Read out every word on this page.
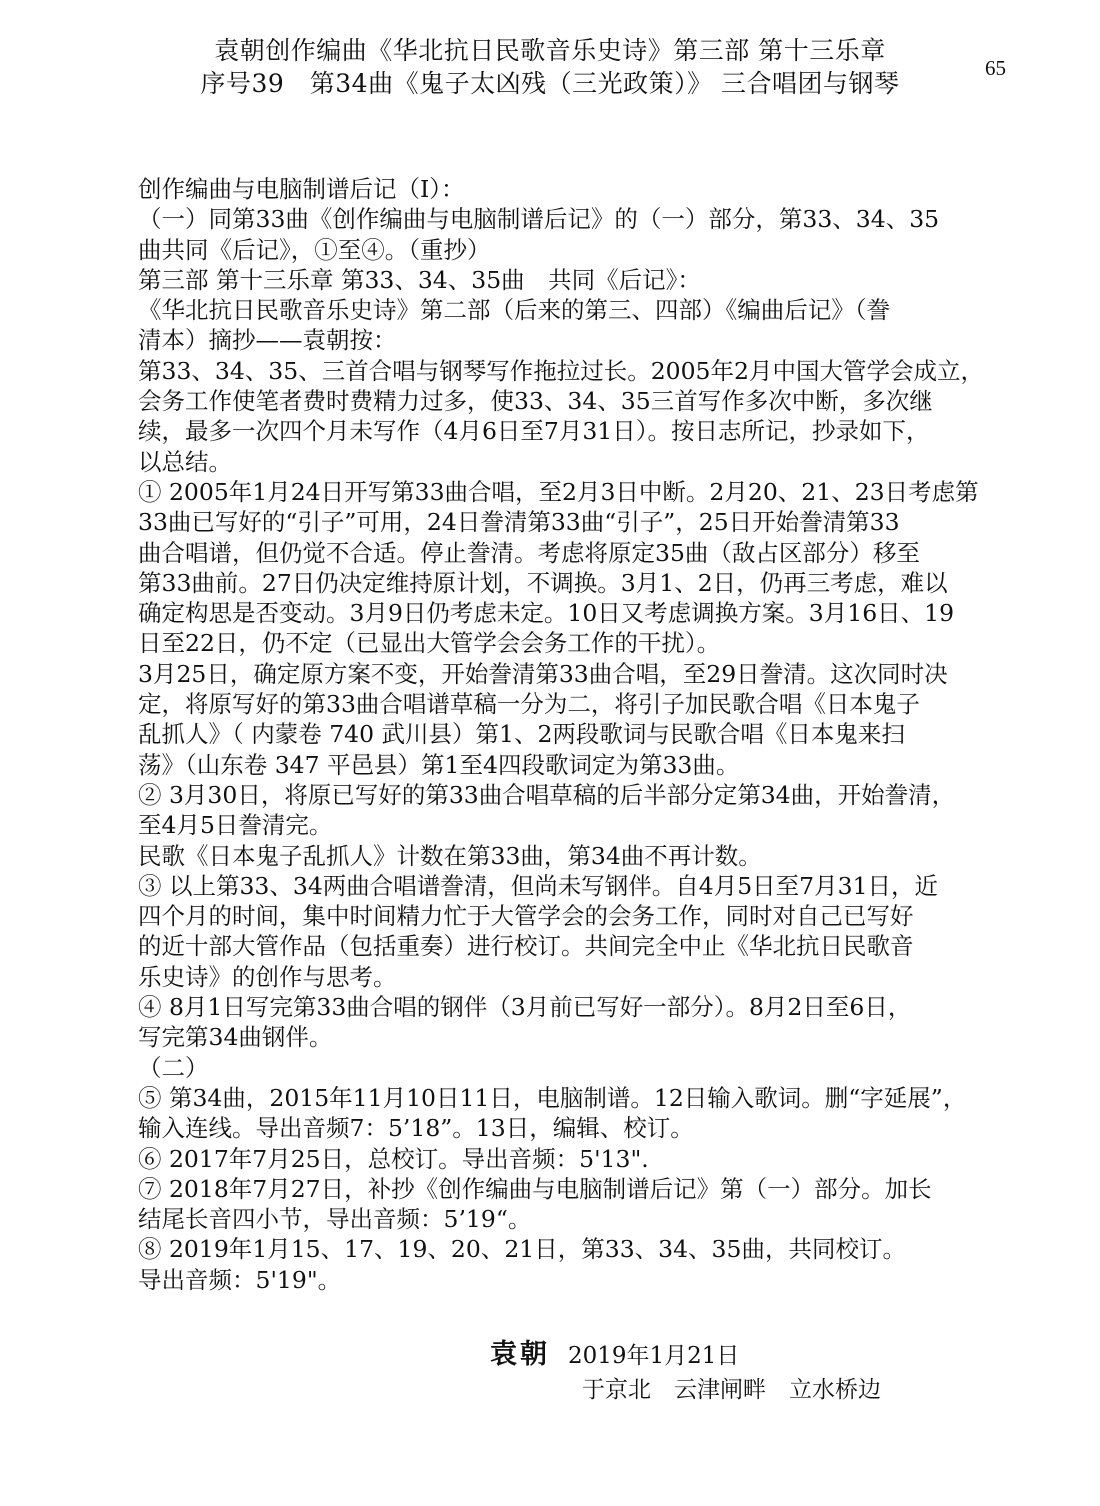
袁朝创作编曲《华北抗日民歌音乐史诗》第三部 第十三乐章
序号39　第34曲《鬼子太凶残（三光政策）》 三合唱团与钢琴
65
创作编曲与电脑制谱后记（Ⅰ）：
（一）同第33曲《创作编曲与电脑制谱后记》的（一）部分，第33、34、35
曲共同《后记》，①至④。（重抄）
第三部 第十三乐章 第33、34、35曲　共同《后记》：
《华北抗日民歌音乐史诗》第二部（后来的第三、四部）《编曲后记》（誊
清本）摘抄——袁朝按：
第33、34、35、三首合唱与钢琴写作拖拉过长。2005年2月中国大管学会成立，
会务工作使笔者费时费精力过多，使33、34、35三首写作多次中断，多次继
续，最多一次四个月未写作（4月6日至7月31日）。按日志所记，抄录如下，
以总结。
① 2005年1月24日开写第33曲合唱，至2月3日中断。2月20、21、23日考虑第
33曲已写好的“引子”可用，24日誊清第33曲“引子”，25日开始誊清第33
曲合唱谱，但仍觉不合适。停止誊清。考虑将原定35曲（敌占区部分）移至
第33曲前。27日仍决定维持原计划，不调换。3月1、2日，仍再三考虑，难以
确定构思是否变动。3月9日仍考虑未定。10日又考虑调换方案。3月16日、19
日至22日，仍不定（已显出大管学会会务工作的干扰）。
3月25日，确定原方案不变，开始誊清第33曲合唱，至29日誊清。这次同时决
定，将原写好的第33曲合唱谱草稿一分为二，将引子加民歌合唱《日本鬼子
乱抓人》（ 内蒙卷 740 武川县）第1、2两段歌词与民歌合唱《日本鬼来扫
荡》（山东卷 347 平邑县）第1至4四段歌词定为第33曲。
② 3月30日，将原已写好的第33曲合唱草稿的后半部分定第34曲，开始誊清，
至4月5日誊清完。
民歌《日本鬼子乱抓人》计数在第33曲，第34曲不再计数。
③ 以上第33、34两曲合唱谱誊清，但尚未写钢伴。自4月5日至7月31日，近
四个月的时间，集中时间精力忙于大管学会的会务工作，同时对自己已写好
的近十部大管作品（包括重奏）进行校订。共间完全中止《华北抗日民歌音
乐史诗》的创作与思考。
④ 8月1日写完第33曲合唱的钢伴（3月前已写好一部分）。8月2日至6日，
写完第34曲钢伴。
（二）
⑤ 第34曲，2015年11月10日11日，电脑制谱。12日输入歌词。删“字延展”，
输入连线。导出音频7：5’18”。13日，编辑、校订。
⑥ 2017年7月25日，总校订。导出音频：5'13".
⑦ 2018年7月27日，补抄《创作编曲与电脑制谱后记》第（一）部分。加长
结尾长音四小节，导出音频：5’19“。
⑧ 2019年1月15、17、19、20、21日，第33、34、35曲，共同校订。
导出音频：5'19"。
袁朝 2019年1月21日
于京北　云津闸畔　立水桥边
